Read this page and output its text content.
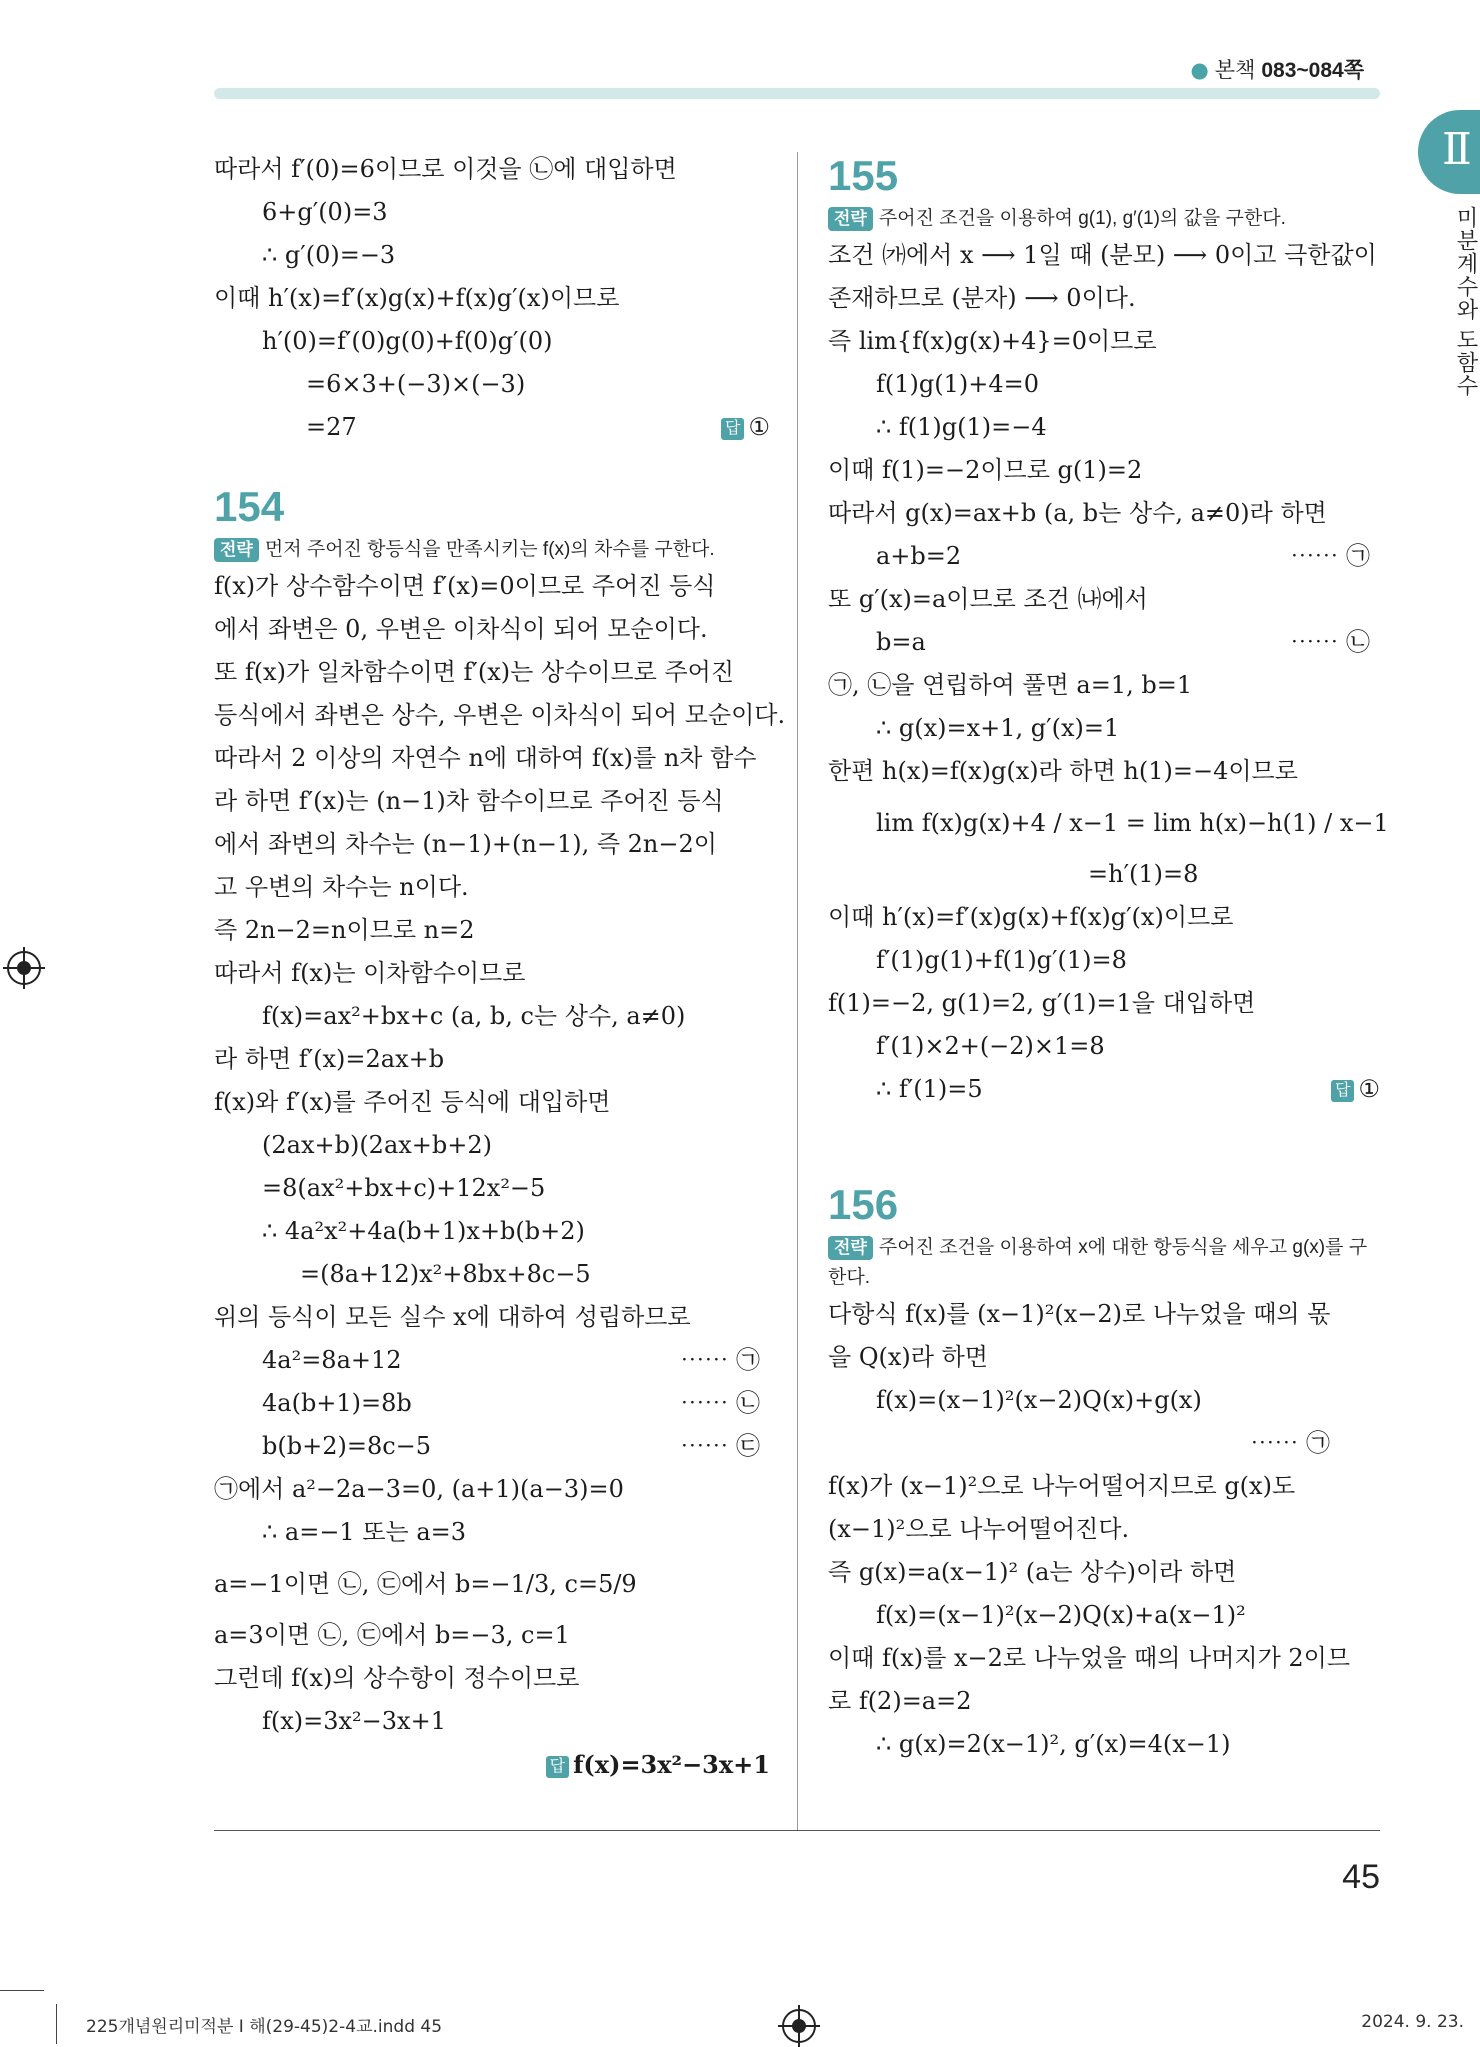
● 본책 083~084쪽
Ⅱ
미분계수와 도함수
따라서 f′(0)=6이므로 이것을 ㉡에 대입하면
6+g′(0)=3
∴ g′(0)=−3
이때 h′(x)=f′(x)g(x)+f(x)g′(x)이므로
h′(0)=f′(0)g(0)+f(0)g′(0)
=6×3+(−3)×(−3)
=27	답 ①
154
전략 먼저 주어진 항등식을 만족시키는 f(x)의 차수를 구한다.
f(x)가 상수함수이면 f′(x)=0이므로 주어진 등식
에서 좌변은 0, 우변은 이차식이 되어 모순이다.
또 f(x)가 일차함수이면 f′(x)는 상수이므로 주어진
등식에서 좌변은 상수, 우변은 이차식이 되어 모순이다.
따라서 2 이상의 자연수 n에 대하여 f(x)를 n차 함수
라 하면 f′(x)는 (n−1)차 함수이므로 주어진 등식
에서 좌변의 차수는 (n−1)+(n−1), 즉 2n−2이
고 우변의 차수는 n이다.
즉 2n−2=n이므로 n=2
따라서 f(x)는 이차함수이므로
f(x)=ax²+bx+c (a, b, c는 상수, a≠0)
라 하면 f′(x)=2ax+b
f(x)와 f′(x)를 주어진 등식에 대입하면
(2ax+b)(2ax+b+2)
=8(ax²+bx+c)+12x²−5
∴ 4a²x²+4a(b+1)x+b(b+2)
=(8a+12)x²+8bx+8c−5
위의 등식이 모든 실수 x에 대하여 성립하므로
4a²=8a+12	⋯⋯ ㉠
4a(b+1)=8b	⋯⋯ ㉡
b(b+2)=8c−5	⋯⋯ ㉢
㉠에서 a²−2a−3=0, (a+1)(a−3)=0
∴ a=−1 또는 a=3
a=−1이면 ㉡, ㉢에서 b=−1/3, c=5/9
a=3이면 ㉡, ㉢에서 b=−3, c=1
그런데 f(x)의 상수항이 정수이므로
f(x)=3x²−3x+1
답 f(x)=3x²−3x+1
155
전략 주어진 조건을 이용하여 g(1), g′(1)의 값을 구한다.
조건 ㈎에서 x ⟶ 1일 때 (분모) ⟶ 0이고 극한값이
존재하므로 (분자) ⟶ 0이다.
즉 lim{f(x)g(x)+4}=0이므로
f(1)g(1)+4=0
∴ f(1)g(1)=−4
이때 f(1)=−2이므로 g(1)=2
따라서 g(x)=ax+b (a, b는 상수, a≠0)라 하면
a+b=2	⋯⋯ ㉠
또 g′(x)=a이므로 조건 ㈏에서
b=a	⋯⋯ ㉡
㉠, ㉡을 연립하여 풀면 a=1, b=1
∴ g(x)=x+1, g′(x)=1
한편 h(x)=f(x)g(x)라 하면 h(1)=−4이므로
lim f(x)g(x)+4 / x−1 = lim h(x)−h(1) / x−1
=h′(1)=8
이때 h′(x)=f′(x)g(x)+f(x)g′(x)이므로
f′(1)g(1)+f(1)g′(1)=8
f(1)=−2, g(1)=2, g′(1)=1을 대입하면
f′(1)×2+(−2)×1=8
∴ f′(1)=5	답 ①
156
전략 주어진 조건을 이용하여 x에 대한 항등식을 세우고 g(x)를 구한다.
다항식 f(x)를 (x−1)²(x−2)로 나누었을 때의 몫
을 Q(x)라 하면
f(x)=(x−1)²(x−2)Q(x)+g(x)
⋯⋯ ㉠
f(x)가 (x−1)²으로 나누어떨어지므로 g(x)도
(x−1)²으로 나누어떨어진다.
즉 g(x)=a(x−1)² (a는 상수)이라 하면
f(x)=(x−1)²(x−2)Q(x)+a(x−1)²
이때 f(x)를 x−2로 나누었을 때의 나머지가 2이므
로 f(2)=a=2
∴ g(x)=2(x−1)², g′(x)=4(x−1)
45
225개념원리미적분 I 해(29-45)2-4교.indd 45	2024. 9. 23.
